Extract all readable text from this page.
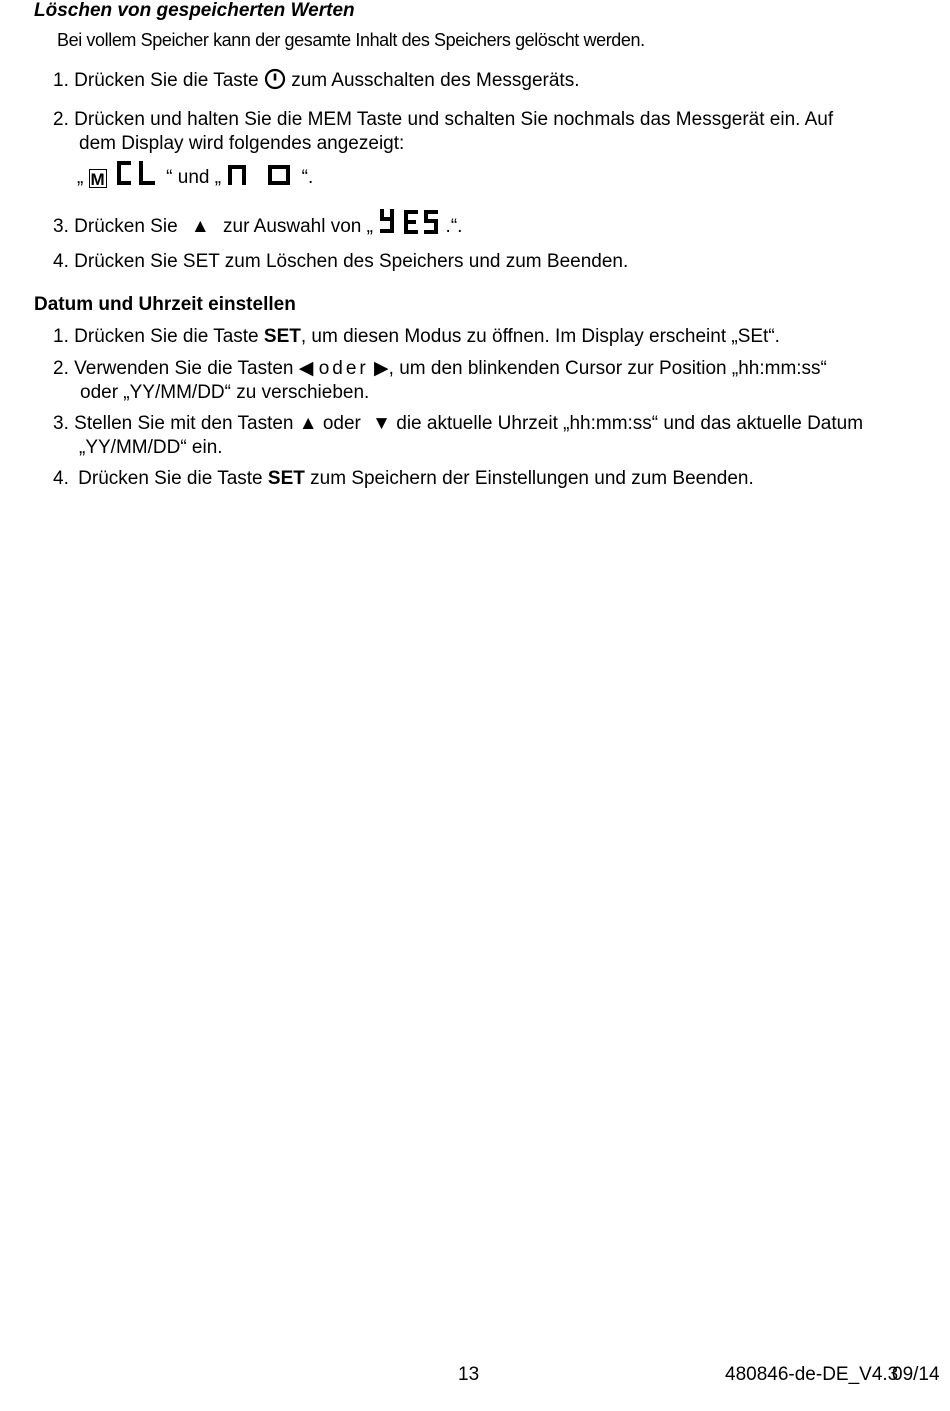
Löschen von gespeicherten Werten
Bei vollem Speicher kann der gesamte Inhalt des Speichers gelöscht werden.
1. Drücken Sie die Taste zum Ausschalten des Messgeräts.
2. Drücken und halten Sie die MEM Taste und schalten Sie nochmals das Messgerät ein. Auf
dem Display wird folgendes angezeigt:
„ M	“ und „	“.
3. Drücken Sie ▲ zur Auswahl von „	.“.
4. Drücken Sie SET zum Löschen des Speichers und zum Beenden.
Datum und Uhrzeit einstellen
1. Drücken Sie die Taste SET, um diesen Modus zu öffnen. Im Display erscheint „SEt“.
2. Verwenden Sie die Tasten ◀ oder ▶, um den blinkenden Cursor zur Position „hh:mm:ss“
oder „YY/MM/DD“ zu verschieben.
3. Stellen Sie mit den Tasten ▲ oder ▼ die aktuelle Uhrzeit „hh:mm:ss“ und das aktuelle Datum
„YY/MM/DD“ ein.
4. Drücken Sie die Taste SET zum Speichern der Einstellungen und zum Beenden.
13	480846-de-DE_V4.3
09/14
